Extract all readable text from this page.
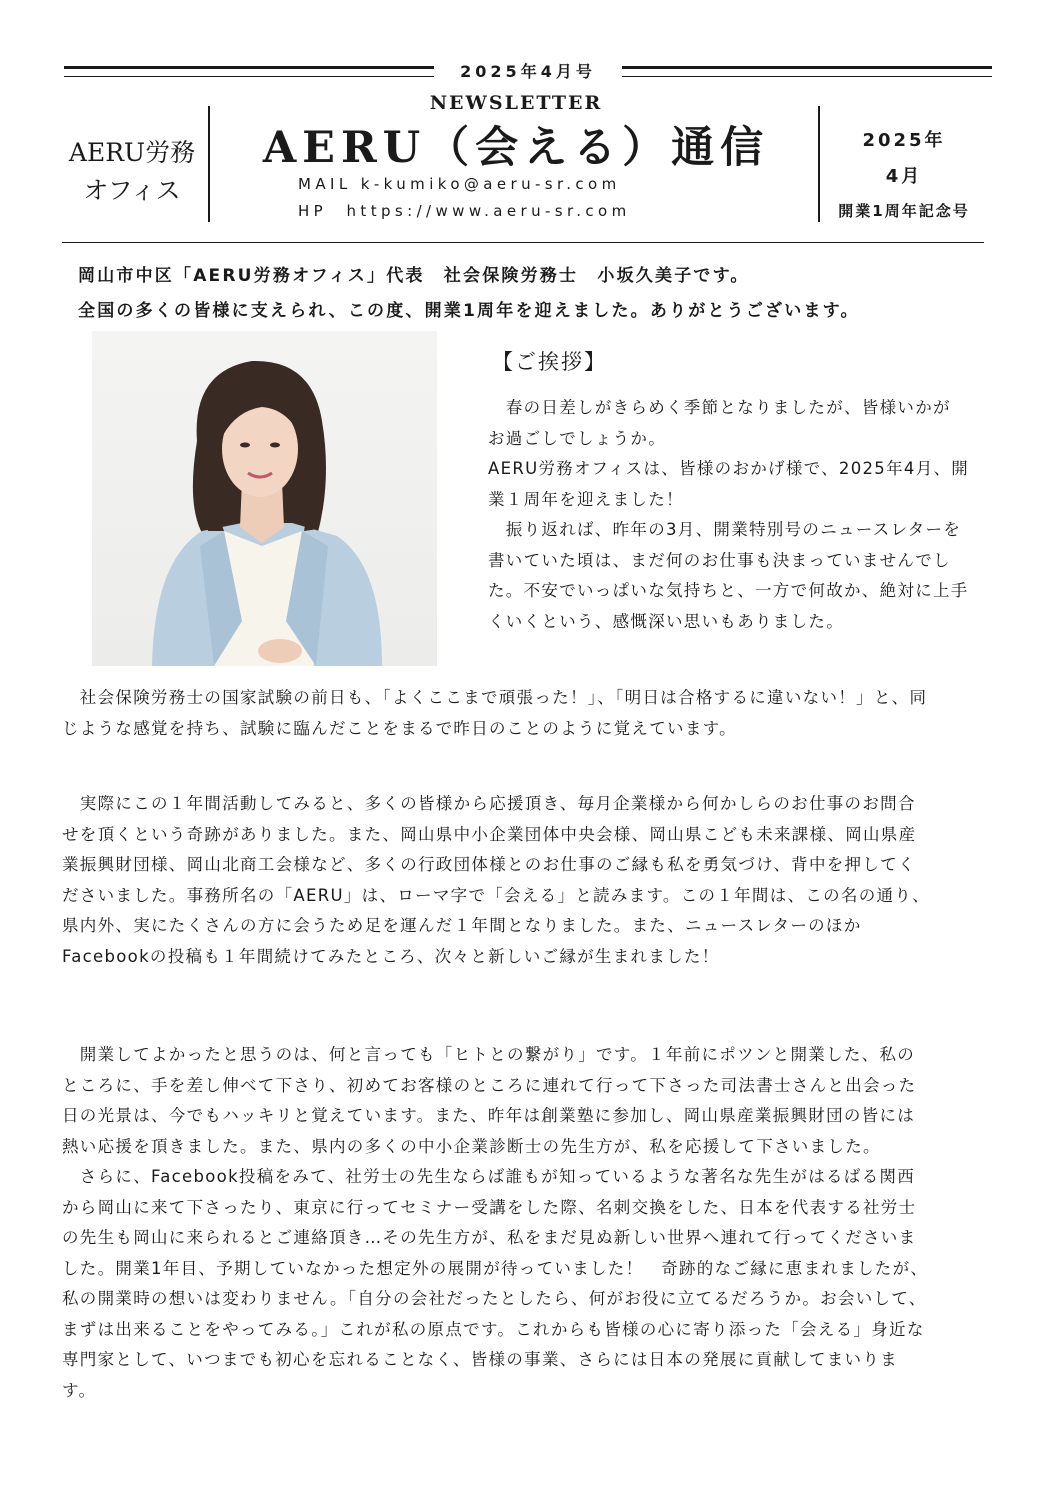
2025年4月号
AERU労務
オフィス
NEWSLETTER
AERU（会える）通信
MAIL k-kumiko@aeru-sr.com
HP　https://www.aeru-sr.com
2025年
4月
開業1周年記念号
岡山市中区「AERU労務オフィス」代表　社会保険労務士　小坂久美子です。
全国の多くの皆様に支えられ、この度、開業1周年を迎えました。ありがとうございます。
【ご挨拶】
　春の日差しがきらめく季節となりましたが、皆様いかが
お過ごしでしょうか。
AERU労務オフィスは、皆様のおかげ様で、2025年4月、開
業１周年を迎えました！
　振り返れば、昨年の3月、開業特別号のニュースレターを
書いていた頃は、まだ何のお仕事も決まっていませんでし
た。不安でいっぱいな気持ちと、一方で何故か、絶対に上手
くいくという、感慨深い思いもありました。
　社会保険労務士の国家試験の前日も、「よくここまで頑張った！」、「明日は合格するに違いない！」と、同
じような感覚を持ち、試験に臨んだことをまるで昨日のことのように覚えています。
　実際にこの１年間活動してみると、多くの皆様から応援頂き、毎月企業様から何かしらのお仕事のお問合
せを頂くという奇跡がありました。また、岡山県中小企業団体中央会様、岡山県こども未来課様、岡山県産
業振興財団様、岡山北商工会様など、多くの行政団体様とのお仕事のご縁も私を勇気づけ、背中を押してく
ださいました。事務所名の「AERU」は、ローマ字で「会える」と読みます。この１年間は、この名の通り、
県内外、実にたくさんの方に会うため足を運んだ１年間となりました。また、ニュースレターのほか
Facebookの投稿も１年間続けてみたところ、次々と新しいご縁が生まれました！
　開業してよかったと思うのは、何と言っても「ヒトとの繋がり」です。１年前にポツンと開業した、私の
ところに、手を差し伸べて下さり、初めてお客様のところに連れて行って下さった司法書士さんと出会った
日の光景は、今でもハッキリと覚えています。また、昨年は創業塾に参加し、岡山県産業振興財団の皆には
熱い応援を頂きました。また、県内の多くの中小企業診断士の先生方が、私を応援して下さいました。
　さらに、Facebook投稿をみて、社労士の先生ならば誰もが知っているような著名な先生がはるばる関西
から岡山に来て下さったり、東京に行ってセミナー受講をした際、名刺交換をした、日本を代表する社労士
の先生も岡山に来られるとご連絡頂き…その先生方が、私をまだ見ぬ新しい世界へ連れて行ってくださいま
した。開業1年目、予期していなかった想定外の展開が待っていました！　奇跡的なご縁に恵まれましたが、
私の開業時の想いは変わりません。「自分の会社だったとしたら、何がお役に立てるだろうか。お会いして、
まずは出来ることをやってみる。」これが私の原点です。これからも皆様の心に寄り添った「会える」身近な
専門家として、いつまでも初心を忘れることなく、皆様の事業、さらには日本の発展に貢献してまいりま
す。
